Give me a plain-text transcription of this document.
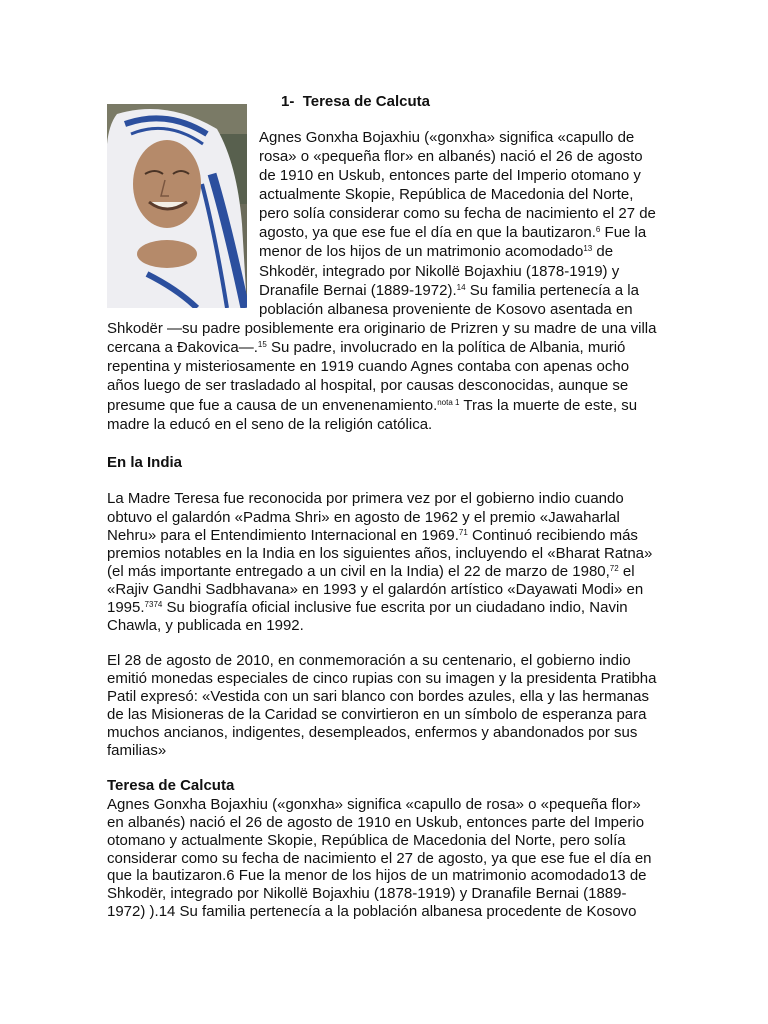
1- Teresa de Calcuta
Agnes Gonxha Bojaxhiu («gonxha» significa «capullo de
rosa» o «pequeña flor» en albanés) nació el 26 de agosto
de 1910 en Uskub, entonces parte del Imperio otomano y
actualmente Skopie, República de Macedonia del Norte,
pero solía considerar como su fecha de nacimiento el 27 de
agosto, ya que ese fue el día en que la bautizaron.$^6$ Fue la
menor de los hijos de un matrimonio acomodado$^{13}$ de
Shkodër, integrado por Nikollë Bojaxhiu (1878-1919) y
Dranafile Bernai (1889-1972).$^{14}$ Su familia pertenecía a la
población albanesa proveniente de Kosovo asentada en
Shkodër —su padre posiblemente era originario de Prizren y su madre de una villa
cercana a Đakovica—.$^{15}$ Su padre, involucrado en la política de Albania, murió
repentina y misteriosamente en 1919 cuando Agnes contaba con apenas ocho
años luego de ser trasladado al hospital, por causas desconocidas, aunque se
presume que fue a causa de un envenenamiento.$^{nota 1}$ Tras la muerte de este, su
madre la educó en el seno de la religión católica.
En la India
La Madre Teresa fue reconocida por primera vez por el gobierno indio cuando
obtuvo el galardón «Padma Shri» en agosto de 1962 y el premio «Jawaharlal
Nehru» para el Entendimiento Internacional en 1969.71 Continuó recibiendo más
premios notables en la India en los siguientes años, incluyendo el «Bharat Ratna»
(el más importante entregado a un civil en la India) el 22 de marzo de 1980,72 el
«Rajiv Gandhi Sadbhavana» en 1993 y el galardón artístico «Dayawati Modi» en
1995.$^{7374}$ Su biografía oficial inclusive fue escrita por un ciudadano indio, Navin
Chawla, y publicada en 1992.
El 28 de agosto de 2010, en conmemoración a su centenario, el gobierno indio
emitió monedas especiales de cinco rupias con su imagen y la presidenta Pratibha
Patil expresó: «Vestida con un sari blanco con bordes azules, ella y las hermanas
de las Misioneras de la Caridad se convirtieron en un símbolo de esperanza para
muchos ancianos, indigentes, desempleados, enfermos y abandonados por sus
familias»
Teresa de Calcuta
Agnes Gonxha Bojaxhiu («gonxha» significa «capullo de rosa» o «pequeña flor»
en albanés) nació el 26 de agosto de 1910 en Uskub, entonces parte del Imperio
otomano y actualmente Skopie, República de Macedonia del Norte, pero solía
considerar como su fecha de nacimiento el 27 de agosto, ya que ese fue el día en
que la bautizaron.6 Fue la menor de los hijos de un matrimonio acomodado13 de
Shkodër, integrado por Nikollë Bojaxhiu (1878-1919) y Dranafile Bernai (1889-
1972) ).14 Su familia pertenecía a la población albanesa procedente de Kosovo
